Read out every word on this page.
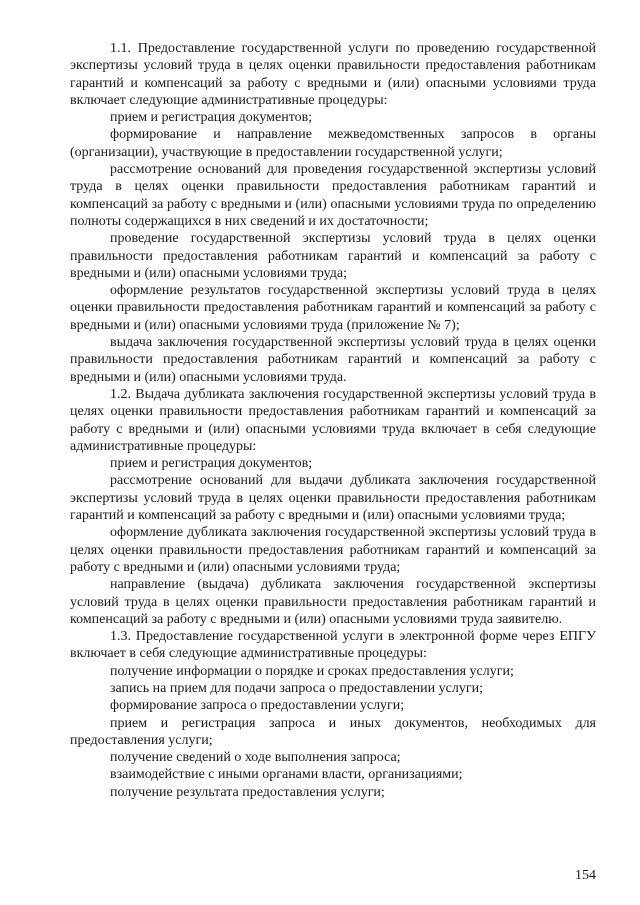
1.1. Предоставление государственной услуги по проведению государственной экспертизы условий труда в целях оценки правильности предоставления работникам гарантий и компенсаций за работу с вредными и (или) опасными условиями труда включает следующие административные процедуры:

прием и регистрация документов;

формирование и направление межведомственных запросов в органы (организации), участвующие в предоставлении государственной услуги;

рассмотрение оснований для проведения государственной экспертизы условий труда в целях оценки правильности предоставления работникам гарантий и компенсаций за работу с вредными и (или) опасными условиями труда по определению полноты содержащихся в них сведений и их достаточности;

проведение государственной экспертизы условий труда в целях оценки правильности предоставления работникам гарантий и компенсаций за работу с вредными и (или) опасными условиями труда;

оформление результатов государственной экспертизы условий труда в целях оценки правильности предоставления работникам гарантий и компенсаций за работу с вредными и (или) опасными условиями труда (приложение № 7);

выдача заключения государственной экспертизы условий труда в целях оценки правильности предоставления работникам гарантий и компенсаций за работу с вредными и (или) опасными условиями труда.

1.2. Выдача дубликата заключения государственной экспертизы условий труда в целях оценки правильности предоставления работникам гарантий и компенсаций за работу с вредными и (или) опасными условиями труда включает в себя следующие административные процедуры:

прием и регистрация документов;

рассмотрение оснований для выдачи дубликата заключения государственной экспертизы условий труда в целях оценки правильности предоставления работникам гарантий и компенсаций за работу с вредными и (или) опасными условиями труда;

оформление дубликата заключения государственной экспертизы условий труда в целях оценки правильности предоставления работникам гарантий и компенсаций за работу с вредными и (или) опасными условиями труда;

направление (выдача) дубликата заключения государственной экспертизы условий труда в целях оценки правильности предоставления работникам гарантий и компенсаций за работу с вредными и (или) опасными условиями труда заявителю.

1.3. Предоставление государственной услуги в электронной форме через ЕПГУ включает в себя следующие административные процедуры:

получение информации о порядке и сроках предоставления услуги;

запись на прием для подачи запроса о предоставлении услуги;

формирование запроса о предоставлении услуги;

прием и регистрация запроса и иных документов, необходимых для предоставления услуги;

получение сведений о ходе выполнения запроса;

взаимодействие с иными органами власти, организациями;

получение результата предоставления услуги;

154
